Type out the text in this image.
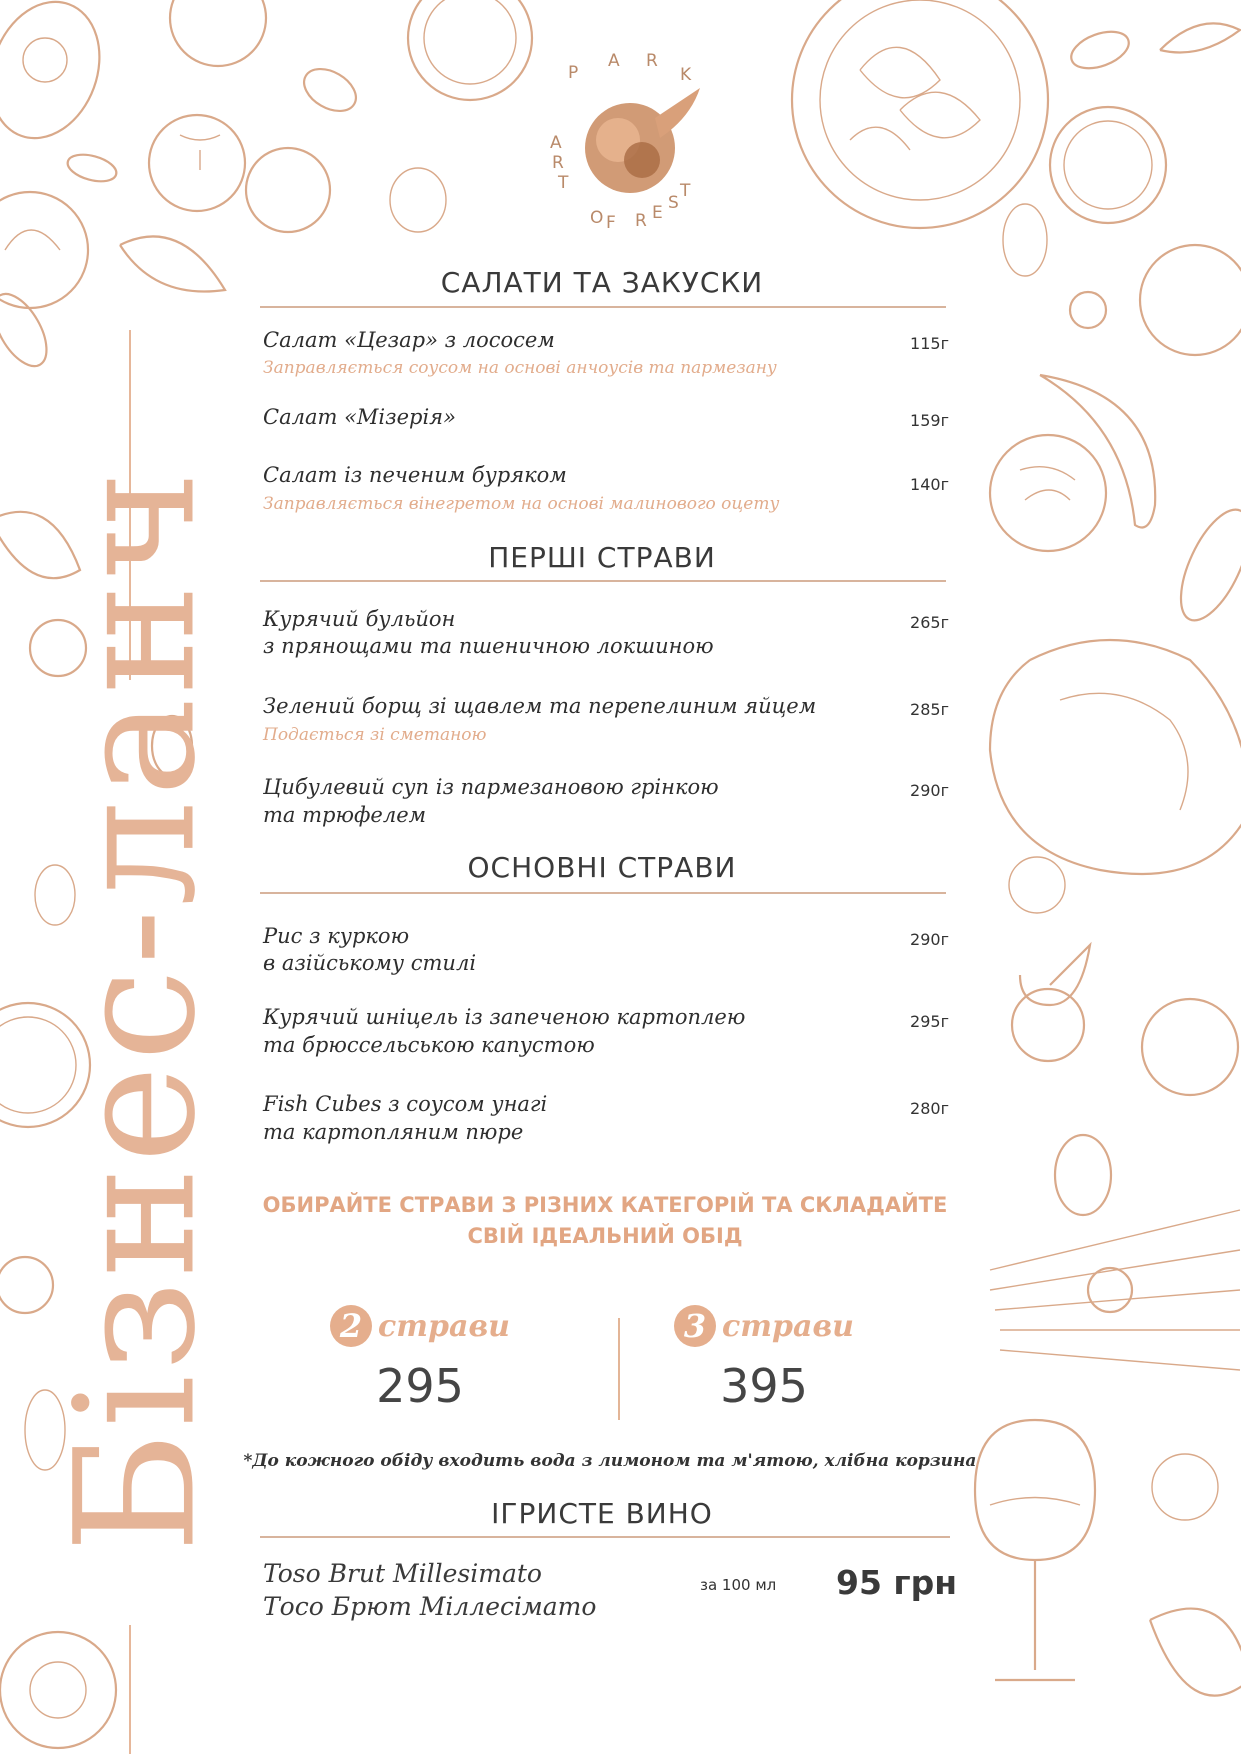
P
A R
K
A
R
T
O F R E S
T
Бізнес-ланч
САЛАТИ ТА ЗАКУСКИ
Салат «Цезар» з лососем	115г
Заправляється соусом на основі анчоусів та пармезану
Салат «Мізерія»	159г
Салат із печеним буряком	140г
Заправляється вінегретом на основі малинового оцету
ПЕРШІ СТРАВИ
Курячий бульйон	265г
з прянощами та пшеничною локшиною
Зелений борщ зі щавлем та перепелиним яйцем	285г
Подається зі сметаною
Цибулевий суп із пармезановою грінкою	290г
та трюфелем
ОСНОВНІ СТРАВИ
Рис з куркою	290г
в азійському стилі
Курячий шніцель із запеченою картоплею	295г
та брюссельською капустою
Fish Cubes з соусом унагі	280г
та картопляним пюре
ОБИРАЙТЕ СТРАВИ З РІЗНИХ КАТЕГОРІЙ ТА СКЛАДАЙТЕ
СВІЙ ІДЕАЛЬНИЙ ОБІД
2 страви
295
3 страви
395
*До кожного обіду входить вода з лимоном та м'ятою, хлібна корзина
ІГРИСТЕ ВИНО
Toso Brut Millesimato
Тосо Брют Міллесімато
за 100 мл 95 грн
